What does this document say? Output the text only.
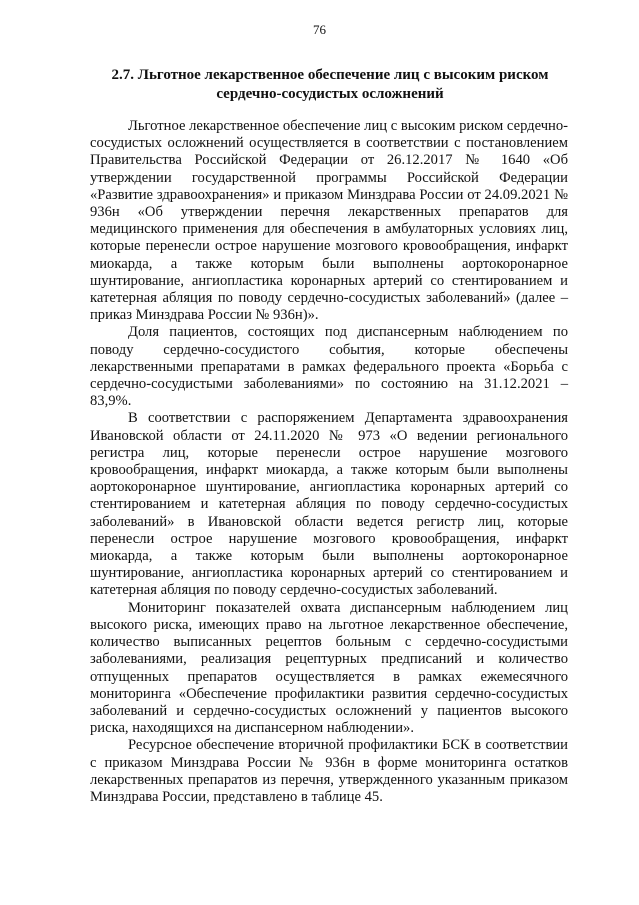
76
2.7. Льготное лекарственное обеспечение лиц с высоким риском сердечно-сосудистых осложнений

Льготное лекарственное обеспечение лиц с высоким риском сердечно-сосудистых осложнений осуществляется в соответствии с постановлением Правительства Российской Федерации от 26.12.2017 № 1640 «Об утверждении государственной программы Российской Федерации «Развитие здравоохранения» и приказом Минздрава России от 24.09.2021 № 936н «Об утверждении перечня лекарственных препаратов для медицинского применения для обеспечения в амбулаторных условиях лиц, которые перенесли острое нарушение мозгового кровообращения, инфаркт миокарда, а также которым были выполнены аортокоронарное шунтирование, ангиопластика коронарных артерий со стентированием и катетерная абляция по поводу сердечно-сосудистых заболеваний» (далее – приказ Минздрава России № 936н)».

Доля пациентов, состоящих под диспансерным наблюдением по поводу сердечно-сосудистого события, которые обеспечены лекарственными препаратами в рамках федерального проекта «Борьба с сердечно-сосудистыми заболеваниями» по состоянию на 31.12.2021 – 83,9%.

В соответствии с распоряжением Департамента здравоохранения Ивановской области от 24.11.2020 № 973 «О ведении регионального регистра лиц, которые перенесли острое нарушение мозгового кровообращения, инфаркт миокарда, а также которым были выполнены аортокоронарное шунтирование, ангиопластика коронарных артерий со стентированием и катетерная абляция по поводу сердечно-сосудистых заболеваний» в Ивановской области ведется регистр лиц, которые перенесли острое нарушение мозгового кровообращения, инфаркт миокарда, а также которым были выполнены аортокоронарное шунтирование, ангиопластика коронарных артерий со стентированием и катетерная абляция по поводу сердечно-сосудистых заболеваний.

Мониторинг показателей охвата диспансерным наблюдением лиц высокого риска, имеющих право на льготное лекарственное обеспечение, количество выписанных рецептов больным с сердечно-сосудистыми заболеваниями, реализация рецептурных предписаний и количество отпущенных препаратов осуществляется в рамках ежемесячного мониторинга «Обеспечение профилактики развития сердечно-сосудистых заболеваний и сердечно-сосудистых осложнений у пациентов высокого риска, находящихся на диспансерном наблюдении».

Ресурсное обеспечение вторичной профилактики БСК в соответствии с приказом Минздрава России № 936н в форме мониторинга остатков лекарственных препаратов из перечня, утвержденного указанным приказом Минздрава России, представлено в таблице 45.
